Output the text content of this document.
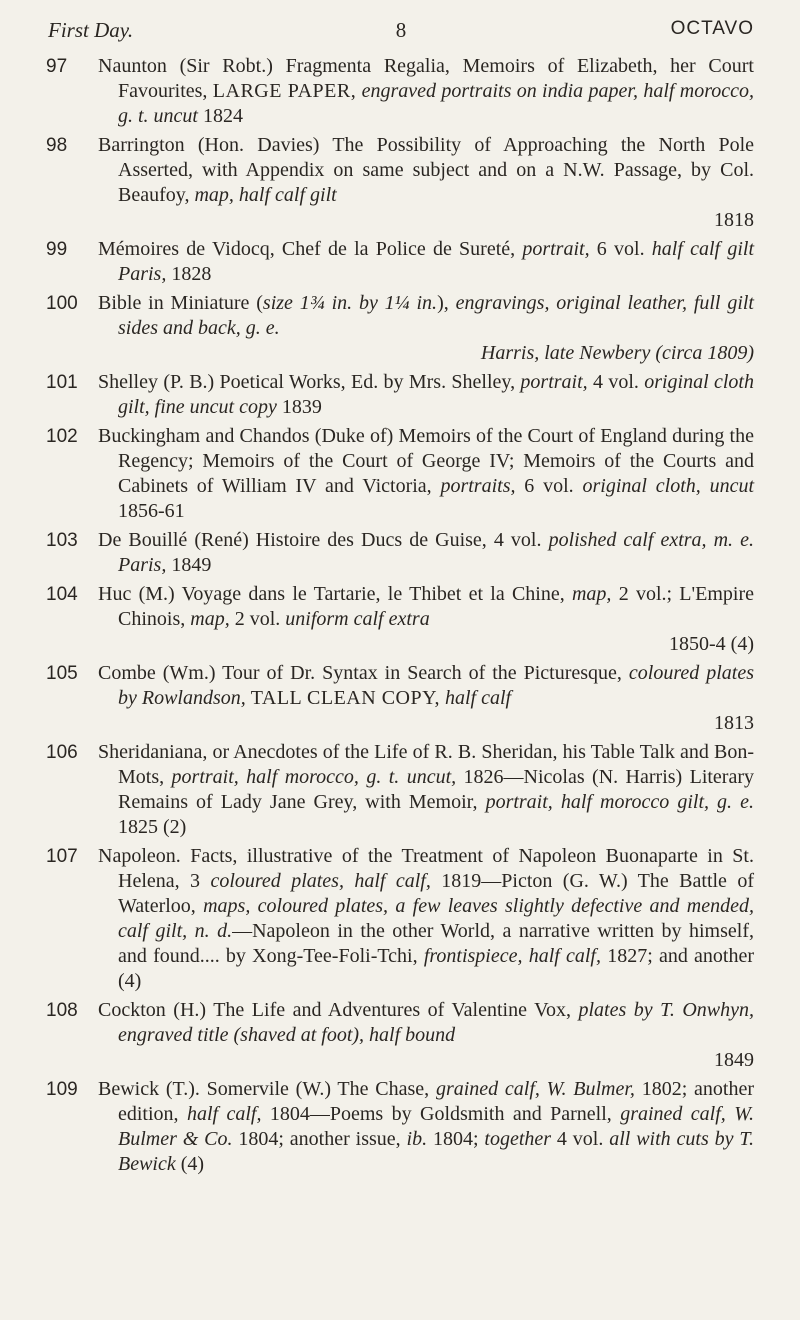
First Day.	8	OCTAVO
97 Naunton (Sir Robt.) Fragmenta Regalia, Memoirs of Elizabeth, her Court Favourites, LARGE PAPER, engraved portraits on india paper, half morocco, g. t. uncut 1824
98 Barrington (Hon. Davies) The Possibility of Approaching the North Pole Asserted, with Appendix on same subject and on a N.W. Passage, by Col. Beaufoy, map, half calf gilt
1818
99 Mémoires de Vidocq, Chef de la Police de Sureté, portrait, 6 vol. half calf gilt Paris, 1828
100 Bible in Miniature (size 1¾ in. by 1¼ in.), engravings, original leather, full gilt sides and back, g. e.
Harris, late Newbery (circa 1809)
101 Shelley (P. B.) Poetical Works, Ed. by Mrs. Shelley, portrait, 4 vol. original cloth gilt, fine uncut copy 1839
102 Buckingham and Chandos (Duke of) Memoirs of the Court of England during the Regency; Memoirs of the Court of George IV; Memoirs of the Courts and Cabinets of William IV and Victoria, portraits, 6 vol. original cloth, uncut 1856-61
103 De Bouillé (René) Histoire des Ducs de Guise, 4 vol. polished calf extra, m. e. Paris, 1849
104 Huc (M.) Voyage dans le Tartarie, le Thibet et la Chine, map, 2 vol.; L'Empire Chinois, map, 2 vol. uniform calf extra
1850-4 (4)
105 Combe (Wm.) Tour of Dr. Syntax in Search of the Picturesque, coloured plates by Rowlandson, TALL CLEAN COPY, half calf
1813
106 Sheridaniana, or Anecdotes of the Life of R. B. Sheridan, his Table Talk and Bon-Mots, portrait, half morocco, g. t. uncut, 1826—Nicolas (N. Harris) Literary Remains of Lady Jane Grey, with Memoir, portrait, half morocco gilt, g. e. 1825 (2)
107 Napoleon. Facts, illustrative of the Treatment of Napoleon Buonaparte in St. Helena, 3 coloured plates, half calf, 1819—Picton (G. W.) The Battle of Waterloo, maps, coloured plates, a few leaves slightly defective and mended, calf gilt, n. d.—Napoleon in the other World, a narrative written by himself, and found.... by Xong-Tee-Foli-Tchi, frontispiece, half calf, 1827; and another (4)
108 Cockton (H.) The Life and Adventures of Valentine Vox, plates by T. Onwhyn, engraved title (shaved at foot), half bound
1849
109 Bewick (T.). Somervile (W.) The Chase, grained calf, W. Bulmer, 1802; another edition, half calf, 1804—Poems by Goldsmith and Parnell, grained calf, W. Bulmer & Co. 1804; another issue, ib. 1804; together 4 vol. all with cuts by T. Bewick (4)
